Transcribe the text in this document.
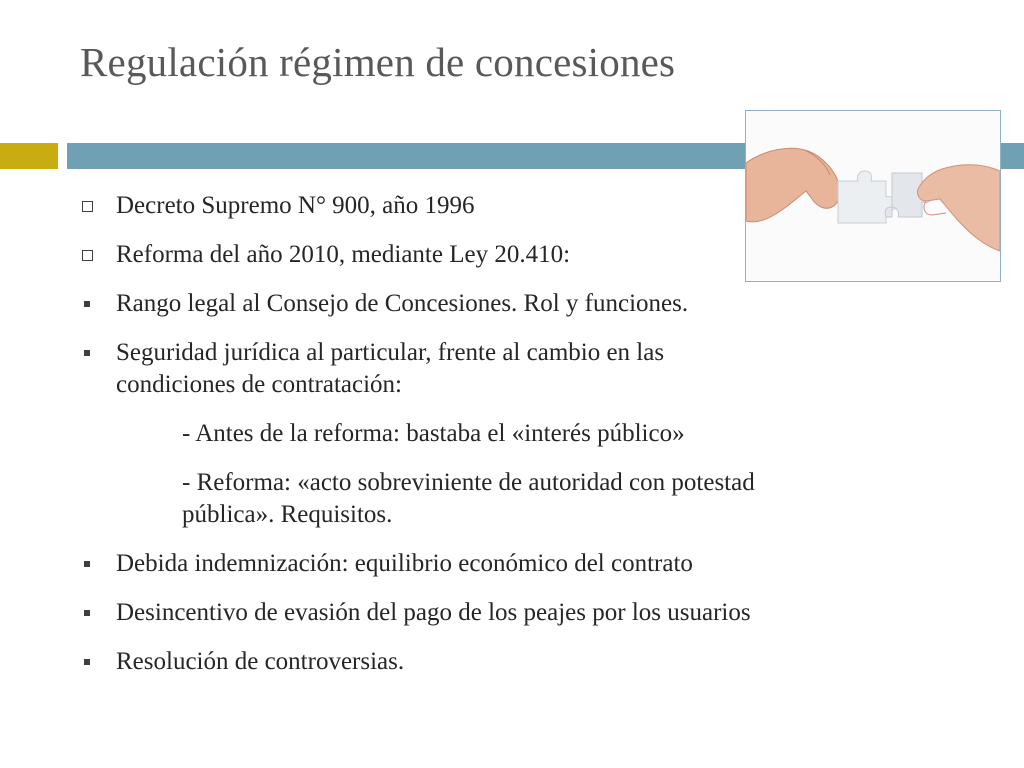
Regulación régimen de concesiones
Decreto Supremo N° 900, año 1996
Reforma del año 2010, mediante Ley 20.410:
Rango legal al Consejo de Concesiones. Rol y funciones.
Seguridad jurídica al particular, frente al cambio en las
condiciones de contratación:
- Antes de la reforma: bastaba el «interés público»
- Reforma: «acto sobreviniente de autoridad con potestad
pública». Requisitos.
Debida indemnización: equilibrio económico del contrato
Desincentivo de evasión del pago de los peajes por los usuarios
Resolución de controversias.
